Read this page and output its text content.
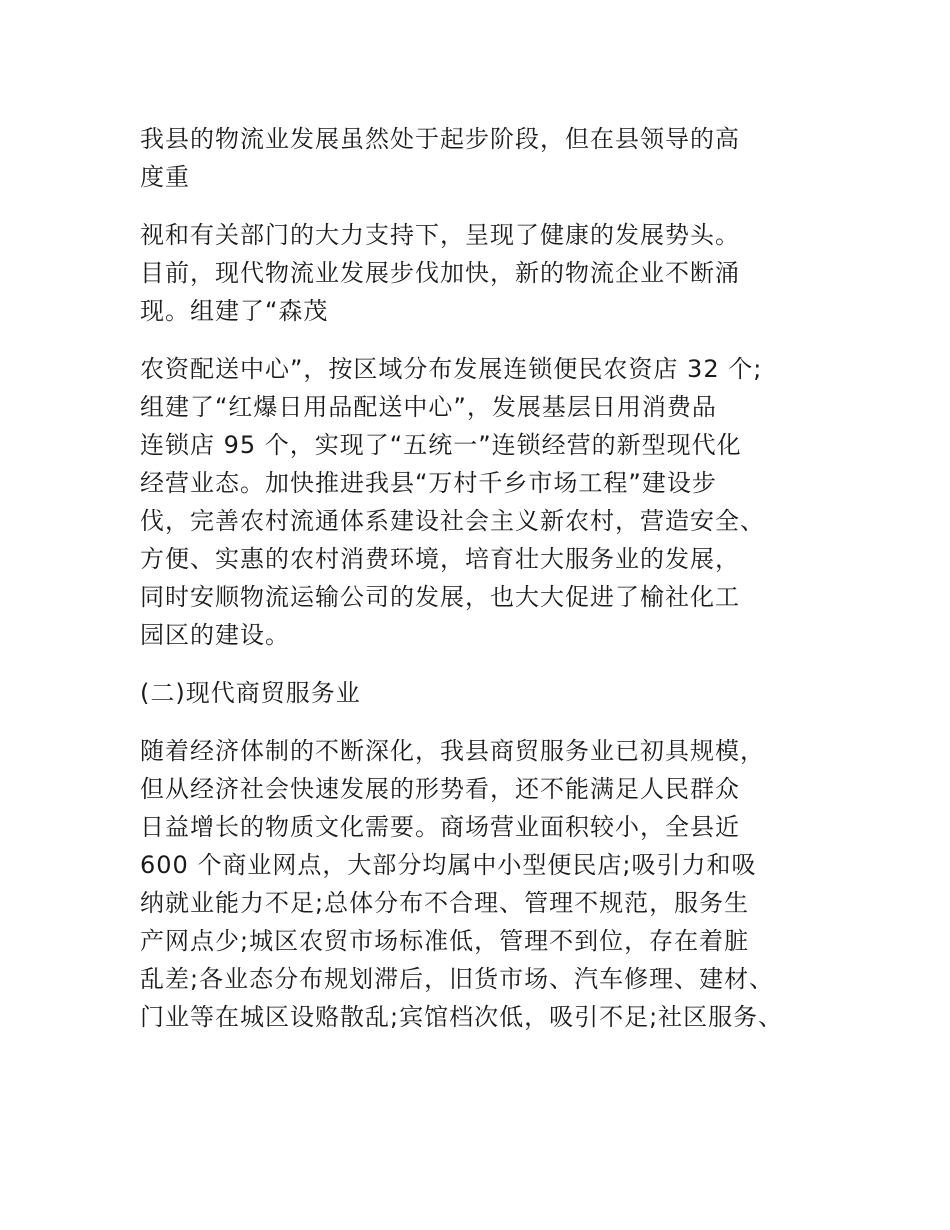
我县的物流业发展虽然处于起步阶段，但在县领导的高
度重
视和有关部门的大力支持下，呈现了健康的发展势头。
目前，现代物流业发展步伐加快，新的物流企业不断涌
现。组建了“森茂
农资配送中心”，按区域分布发展连锁便民农资店 32 个;
组建了“红爆日用品配送中心”，发展基层日用消费品
连锁店 95 个，实现了“五统一”连锁经营的新型现代化
经营业态。加快推进我县“万村千乡市场工程”建设步
伐，完善农村流通体系建设社会主义新农村，营造安全、
方便、实惠的农村消费环境，培育壮大服务业的发展，
同时安顺物流运输公司的发展，也大大促进了榆社化工
园区的建设。
(二)现代商贸服务业
随着经济体制的不断深化，我县商贸服务业已初具规模，
但从经济社会快速发展的形势看，还不能满足人民群众
日益增长的物质文化需要。商场营业面积较小，全县近
600 个商业网点，大部分均属中小型便民店;吸引力和吸
纳就业能力不足;总体分布不合理、管理不规范，服务生
产网点少;城区农贸市场标准低，管理不到位，存在着脏
乱差;各业态分布规划滞后，旧货市场、汽车修理、建材、
门业等在城区设赂散乱;宾馆档次低，吸引不足;社区服务、
